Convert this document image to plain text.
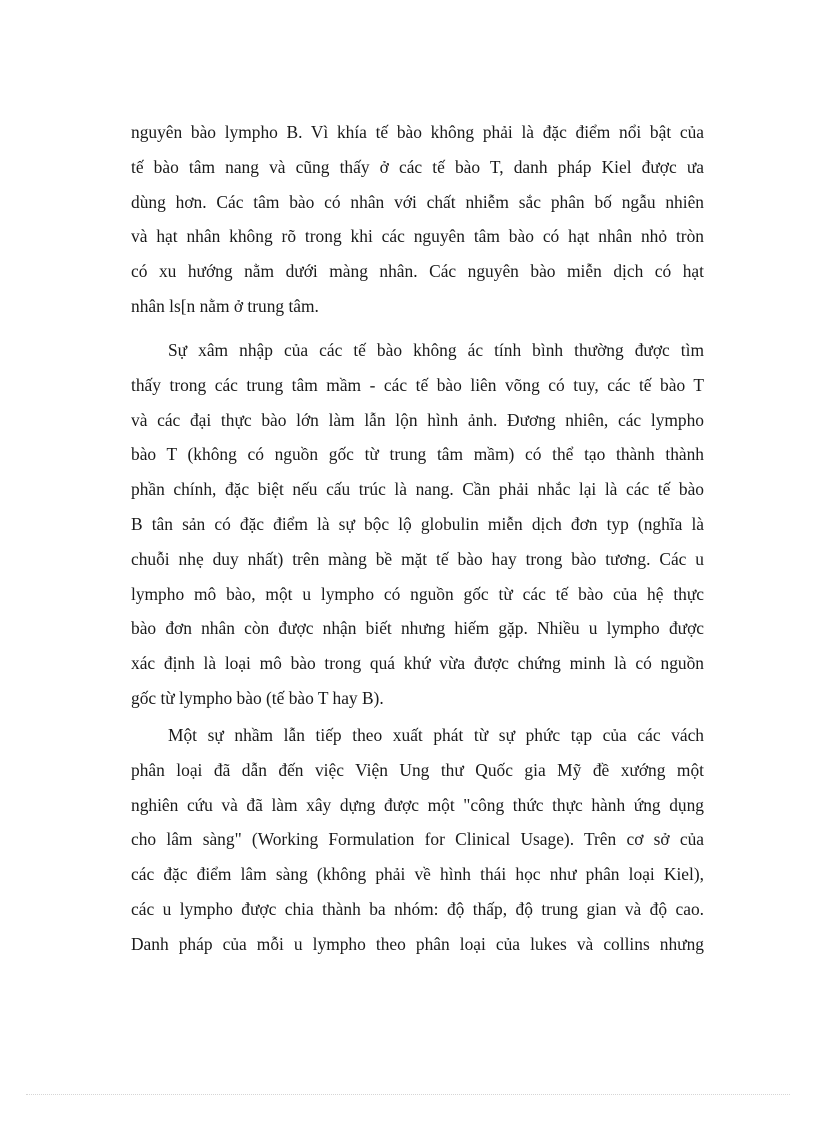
nguyên bào lympho B. Vì khía tế bào không phải là đặc điểm nổi bật của
tế bào tâm nang và cũng thấy ở các tế bào T, danh pháp Kiel được ưa
dùng hơn. Các tâm bào có nhân với chất nhiễm sắc phân bố ngẫu nhiên
và hạt nhân không rõ trong khi các nguyên tâm bào có hạt nhân nhỏ tròn
có xu hướng nằm dưới màng nhân. Các nguyên bào miễn dịch có hạt
nhân ls[n nằm ở trung tâm.
Sự xâm nhập của các tế bào không ác tính bình thường được tìm
thấy trong các trung tâm mầm - các tế bào liên võng có tuy, các tế bào T
và các đại thực bào lớn làm lẫn lộn hình ảnh. Đương nhiên, các lympho
bào T (không có nguồn gốc từ trung tâm mầm) có thể tạo thành thành
phần chính, đặc biệt nếu cấu trúc là nang. Cần phải nhắc lại là các tế bào
B tân sản có đặc điểm là sự bộc lộ globulin miễn dịch đơn typ (nghĩa là
chuỗi nhẹ duy nhất) trên màng bề mặt tế bào hay trong bào tương. Các u
lympho mô bào, một u lympho có nguồn gốc từ các tế bào của hệ thực
bào đơn nhân còn được nhận biết nhưng hiếm gặp. Nhiều u lympho được
xác định là loại mô bào trong quá khứ vừa được chứng minh là có nguồn
gốc từ lympho bào (tế bào T hay B).
Một sự nhầm lẫn tiếp theo xuất phát từ sự phức tạp của các vách
phân loại đã dẫn đến việc Viện Ung thư Quốc gia Mỹ đề xướng một
nghiên cứu và đã làm xây dựng được một "công thức thực hành ứng dụng
cho lâm sàng" (Working Formulation for Clinical Usage). Trên cơ sở của
các đặc điểm lâm sàng (không phải về hình thái học như phân loại Kiel),
các u lympho được chia thành ba nhóm: độ thấp, độ trung gian và độ cao.
Danh pháp của mỗi u lympho theo phân loại của lukes và collins nhưng
